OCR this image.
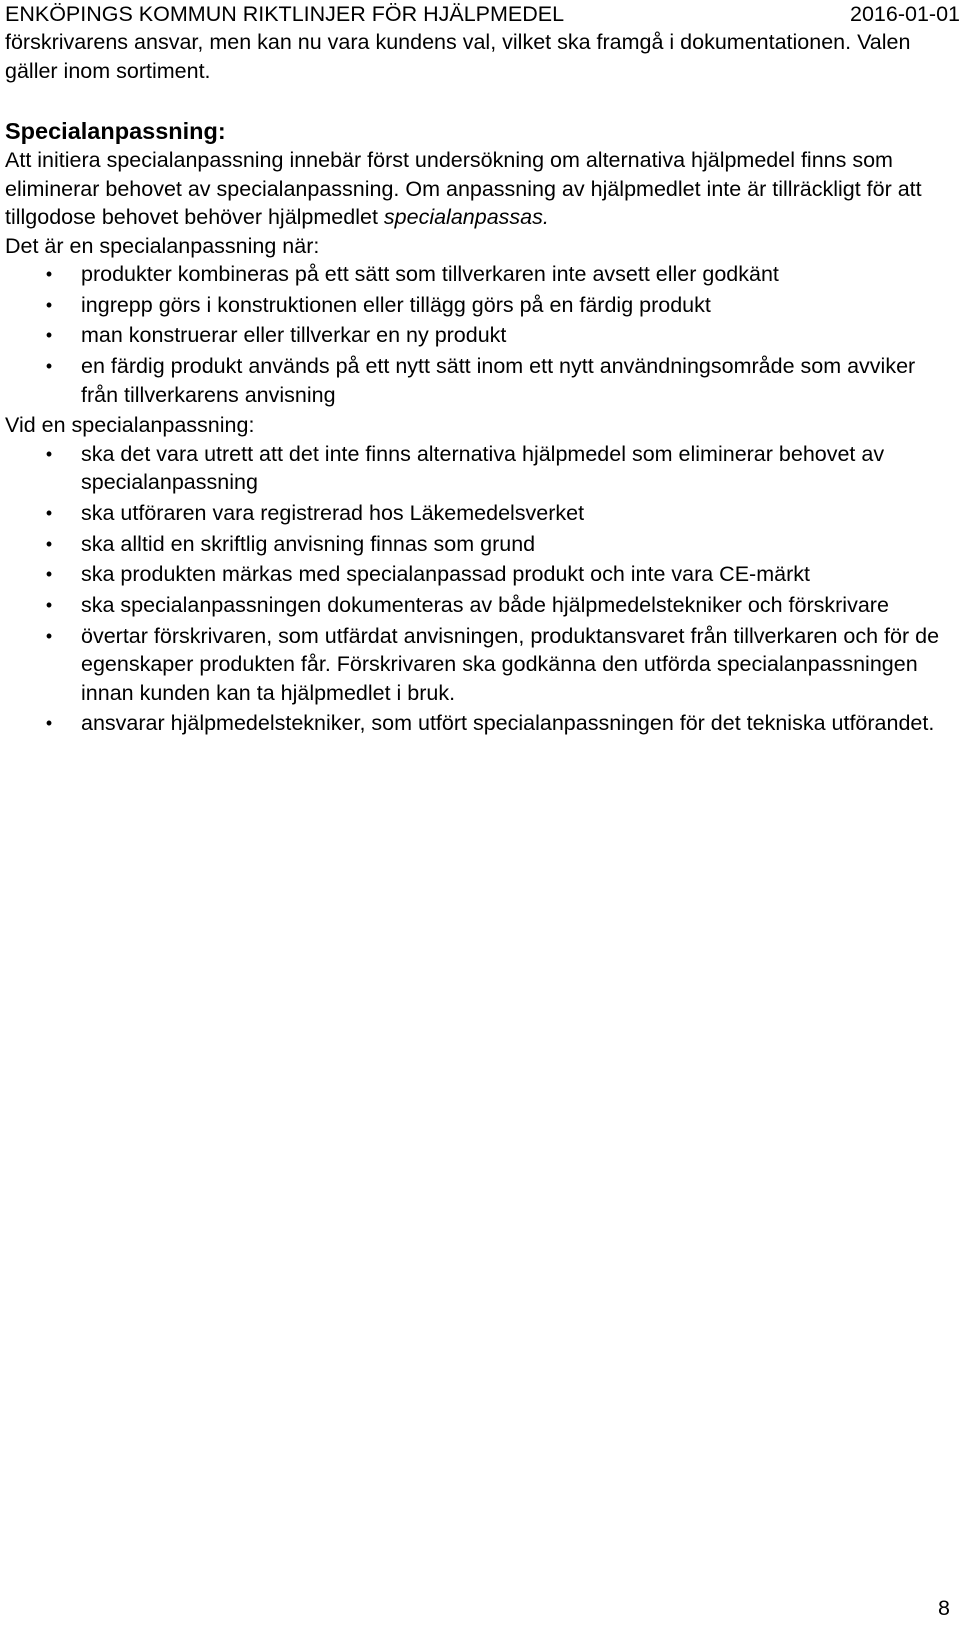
ENKÖPINGS KOMMUN RIKTLINJER FÖR HJÄLPMEDEL	2016-01-01

förskrivarens ansvar, men kan nu vara kundens val, vilket ska framgå i dokumentationen. Valen gäller inom sortiment.

Specialanpassning:

Att initiera specialanpassning innebär först undersökning om alternativa hjälpmedel finns som eliminerar behovet av specialanpassning. Om anpassning av hjälpmedlet inte är tillräckligt för att tillgodose behovet behöver hjälpmedlet specialanpassas.

Det är en specialanpassning när:

• produkter kombineras på ett sätt som tillverkaren inte avsett eller godkänt
• ingrepp görs i konstruktionen eller tillägg görs på en färdig produkt
• man konstruerar eller tillverkar en ny produkt
• en färdig produkt används på ett nytt sätt inom ett nytt användningsområde som avviker från tillverkarens anvisning

Vid en specialanpassning:

• ska det vara utrett att det inte finns alternativa hjälpmedel som eliminerar behovet av specialanpassning
• ska utföraren vara registrerad hos Läkemedelsverket
• ska alltid en skriftlig anvisning finnas som grund
• ska produkten märkas med specialanpassad produkt och inte vara CE-märkt
• ska specialanpassningen dokumenteras av både hjälpmedelstekniker och förskrivare
• övertar förskrivaren, som utfärdat anvisningen, produktansvaret från tillverkaren och för de egenskaper produkten får. Förskrivaren ska godkänna den utförda specialanpassningen innan kunden kan ta hjälpmedlet i bruk.
• ansvarar hjälpmedelstekniker, som utfört specialanpassningen för det tekniska utförandet.
8
